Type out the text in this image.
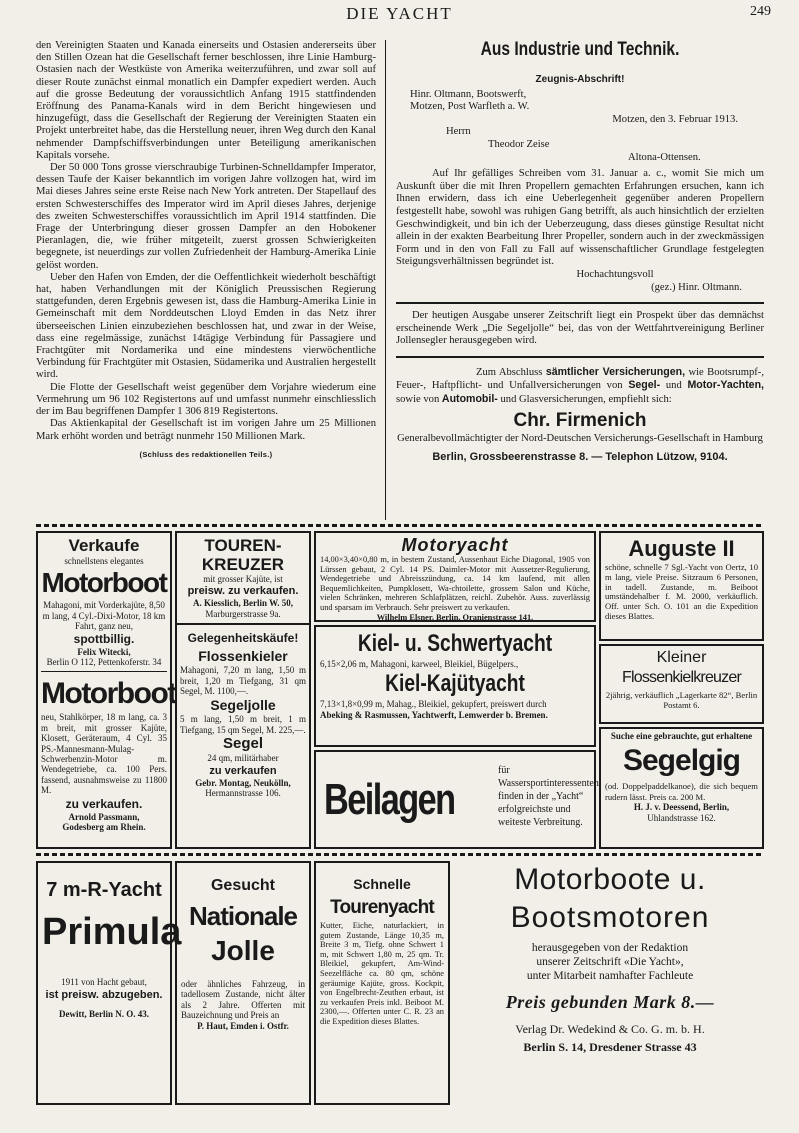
DIE YACHT	249

den Vereinigten Staaten und Kanada einerseits und Ostasien andererseits über den Stillen Ozean hat die Gesellschaft ferner beschlossen, ihre Linie Hamburg-Ostasien nach der Westküste von Amerika weiterzuführen, und zwar soll auf dieser Route zunächst einmal monatlich ein Dampfer expediert werden. Auch auf die grosse Bedeutung der voraussichtlich Anfang 1915 stattfindenden Eröffnung des Panama-Kanals wird in dem Bericht hingewiesen und hinzugefügt, dass die Gesellschaft der Regierung der Vereinigten Staaten ein Projekt unterbreitet habe, das die Herstellung neuer, ihren Weg durch den Kanal nehmender Dampfschiffsverbindungen unter Beteiligung amerikanischen Kapitals vorsehe.

Der 50 000 Tons grosse vierschraubige Turbinen-Schnelldampfer Imperator, dessen Taufe der Kaiser bekanntlich im vorigen Jahre vollzogen hat, wird im Mai dieses Jahres seine erste Reise nach New York antreten. Der Stapellauf des ersten Schwesterschiffes des Imperator wird im April dieses Jahres, derjenige des zweiten Schwesterschiffes voraussichtlich im April 1914 stattfinden. Die Frage der Unterbringung dieser grossen Dampfer an den Hobokener Pieranlagen, die, wie früher mitgeteilt, zuerst grossen Schwierigkeiten begegnete, ist neuerdings zur vollen Zufriedenheit der Hamburg-Amerika Linie gelöst worden.

Ueber den Hafen von Emden, der die Oeffentlichkeit wiederholt beschäftigt hat, haben Verhandlungen mit der Königlich Preussischen Regierung stattgefunden, deren Ergebnis gewesen ist, dass die Hamburg-Amerika Linie in Gemeinschaft mit dem Norddeutschen Lloyd Emden in das Netz ihrer überseeischen Linien einzubeziehen beschlossen hat, und zwar in der Weise, dass eine regelmässige, zunächst 14tägige Verbindung für Passagiere und Frachtgüter mit Nordamerika und eine mindestens vierwöchentliche Verbindung für Frachtgüter mit Ostasien, Südamerika und Australien hergestellt wird.

Die Flotte der Gesellschaft weist gegenüber dem Vorjahre wiederum eine Vermehrung um 96 102 Registertons auf und umfasst nunmehr einschliesslich der im Bau begriffenen Dampfer 1 306 819 Registertons.

Das Aktienkapital der Gesellschaft ist im vorigen Jahre um 25 Millionen Mark erhöht worden und beträgt nunmehr 150 Millionen Mark.

(Schluss des redaktionellen Teils.)
Aus Industrie und Technik.
Zeugnis-Abschrift!
Hinr. Oltmann, Bootswerft,
Motzen, Post Warfleth a. W.
Motzen, den 3. Februar 1913.
Herrn
Theodor Zeise
Altona-Ottensen.
Auf Ihr gefälliges Schreiben vom 31. Januar a. c., womit Sie mich um Auskunft über die mit Ihren Propellern gemachten Erfahrungen ersuchen, kann ich Ihnen erwidern, dass ich eine Ueberlegenheit gegenüber anderen Propellern festgestellt habe, sowohl was ruhigen Gang betrifft, als auch hinsichtlich der erzielten Geschwindigkeit, und bin ich der Ueberzeugung, dass dieses günstige Resultat nicht allein in der exakten Bearbeitung Ihrer Propeller, sondern auch in der zweckmässigen Form und in den von Fall zu Fall auf wissenschaftlicher Grundlage festgelegten Steigungsverhältnissen begründet ist.
Hochachtungsvoll
(gez.) Hinr. Oltmann.
Der heutigen Ausgabe unserer Zeitschrift liegt ein Prospekt über das demnächst erscheinende Werk „Die Segeljolle“ bei, das von der Wettfahrtvereinigung Berliner Jollensegler herausgegeben wird.
Zum Abschluss sämtlicher Versicherungen, wie Bootsrumpf-, Feuer-, Haftpflicht- und Unfallversicherungen von Segel- und Motor-Yachten, sowie von Automobil- und Glasversicherungen, empfiehlt sich:
Chr. Firmenich
Generalbevollmächtigter der Nord-Deutschen Versicherungs-Gesellschaft in Hamburg
Berlin, Grossbeerenstrasse 8. — Telephon Lützow, 9104.
Verkaufe
schnellstens elegantes
Motorboot
Mahagoni, mit Vorderkajüte, 8,50 m lang, 4 Cyl.-Dixi-Motor, 18 km Fahrt, ganz neu,
spottbillig.
Felix Witecki,
Berlin O 112, Pettenkoferstr. 34
Motorboot
neu, Stahlkörper, 18 m lang, ca. 3 m breit, mit grosser Kajüte, Klosett, Geräteraum, 4 Cyl. 35 PS.-Mannesmann-Mulag-Schwerbenzin-Motor m. Wendegetriebe, ca. 100 Pers. fassend, ausnahmsweise zu 11800 M.
zu verkaufen.
Arnold Passmann,
Godesberg am Rhein.
TOUREN-
KREUZER
mit grosser Kajüte, ist
preisw. zu verkaufen.
A. Kiesslich, Berlin W. 50,
Marburgerstrasse 9a.
Gelegenheitskäufe!
Flossenkieler
Mahagoni, 7,20 m lang, 1,50 m breit, 1,20 m Tiefgang, 31 qm Segel, M. 1100,—.
Segeljolle
5 m lang, 1,50 m breit, 1 m Tiefgang, 15 qm Segel, M. 225,—.
Segel
24 qm, militärhaber
zu verkaufen
Gebr. Montag, Neukölln,
Hermannstrasse 106.
Motoryacht
14,00×3,40×0,80 m, in bestem Zustand, Aussenhaut Eiche Diagonal, 1905 von Lürssen gebaut, 2 Cyl. 14 PS. Daimler-Motor mit Aussetzer-Regulierung, Wendegetriebe und Abreisszündung, ca. 14 km laufend, mit allen Bequemlichkeiten, Pumpklosett, Wa-chtoilette, grossem Salon und Küche, vielen Schränken, mehreren Schlafplätzen, reichl. Zubehör. Auss. zuverlässig und sparsam im Verbrauch. Sehr preiswert zu verkaufen.
Wilhelm Elsner, Berlin, Oranienstrasse 141.
Kiel- u. Schwertyacht
6,15×2,06 m, Mahagoni, karweel, Bleikiel, Bügelpers.,
Kiel-Kajütyacht
7,13×1,8×0,99 m, Mahag., Bleikiel, gekupfert, preiswert durch
Abeking & Rasmussen, Yachtwerft, Lemwerder b. Bremen.
Beilagen
für Wassersportinteressenten finden in der „Yacht“ erfolgreichste und weiteste Verbreitung.
Auguste II
schöne, schnelle 7 Sgl.-Yacht von Oertz, 10 m lang, viele Preise. Sitzraum 6 Personen, in tadell. Zustande, m. Beiboot umständehalber f. M. 2000, verkäuflich. Off. unter Sch. O. 101 an die Expedition dieses Blattes.
Kleiner
Flossenkielkreuzer
2jährig, verkäuflich „Lagerkarte 82“, Berlin Postamt 6.
Suche eine gebrauchte, gut erhaltene
Segelgig
(od. Doppelpaddelkanoe), die sich bequem rudern lässt. Preis ca. 200 M.
H. J. v. Deessend, Berlin,
Uhlandstrasse 162.
7 m-R-Yacht
Primula
1911 von Hacht gebaut,
ist preisw. abzugeben.
Dewitt, Berlin N. O. 43.
Gesucht
Nationale
Jolle
oder ähnliches Fahrzeug, in tadellosem Zustande, nicht älter als 2 Jahre. Offerten mit Bauzeichnung und Preis an
P. Haut, Emden i. Ostfr.
Schnelle
Tourenyacht
Kutter, Eiche, naturlackiert, in gutem Zustande, Länge 10,35 m, Breite 3 m, Tiefg. ohne Schwert 1 m, mit Schwert 1,80 m, 25 qm. Tr. Bleikiel, gekupfert, Am-Wind-Seezelfläche ca. 80 qm, schöne geräumige Kajüte, gross. Kockpit, von Engelbrecht-Zeuthen erbaut, ist zu verkaufen Preis inkl. Beiboot M. 2300,—. Offerten unter C. R. 23 an die Expedition dieses Blattes.
Motorboote u.
Bootsmotoren
herausgegeben von der Redaktion
unserer Zeitschrift «Die Yacht»,
unter Mitarbeit namhafter Fachleute
Preis gebunden Mark 8.—
Verlag Dr. Wedekind & Co. G. m. b. H.
Berlin S. 14, Dresdener Strasse 43
